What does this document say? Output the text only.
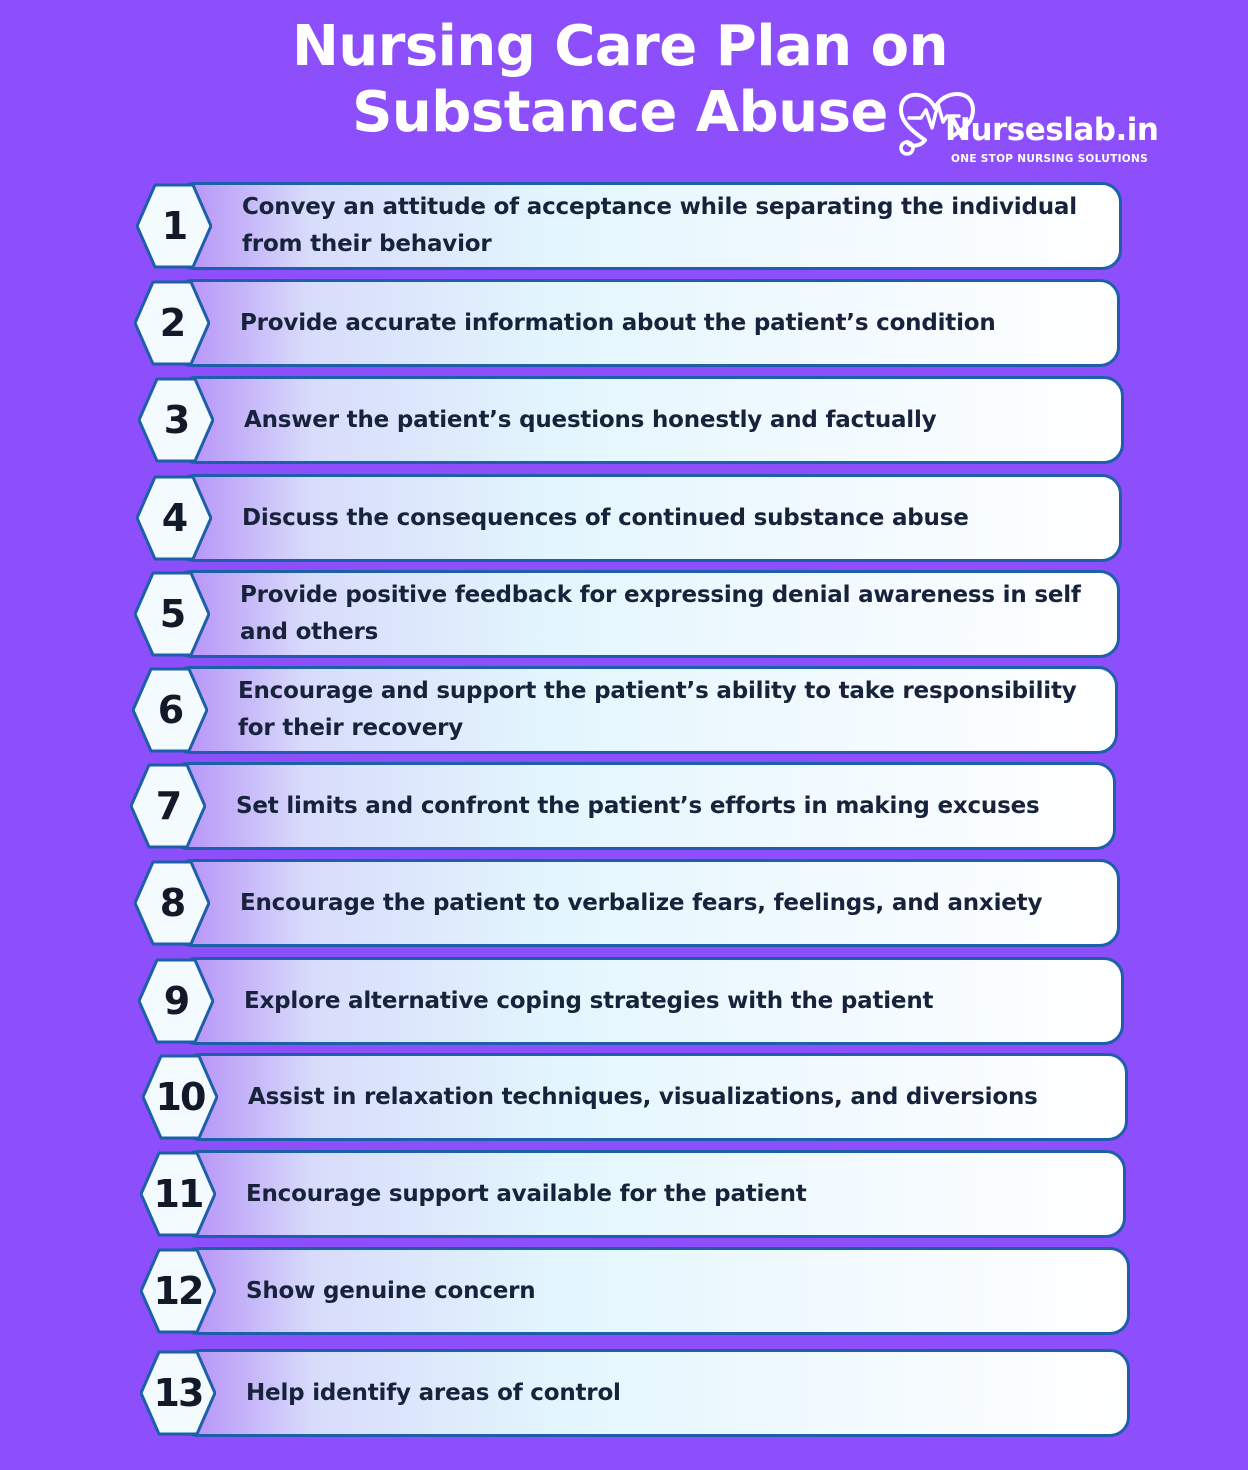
Nursing Care Plan on
Substance Abuse	Nurseslab.in
ONE STOP NURSING SOLUTIONS
Convey an attitude of acceptance while separating the individual from their behavior
1
Provide accurate information about the patient’s condition
2
Answer the patient’s questions honestly and factually
3
Discuss the consequences of continued substance abuse
4
Provide positive feedback for expressing denial awareness in self and others
5
Encourage and support the patient’s ability to take responsibility for their recovery
6
Set limits and confront the patient’s efforts in making excuses
7
Encourage the patient to verbalize fears, feelings, and anxiety
8
Explore alternative coping strategies with the patient
9
Assist in relaxation techniques, visualizations, and diversions
10
Encourage support available for the patient
11
Show genuine concern
12
Help identify areas of control
13
